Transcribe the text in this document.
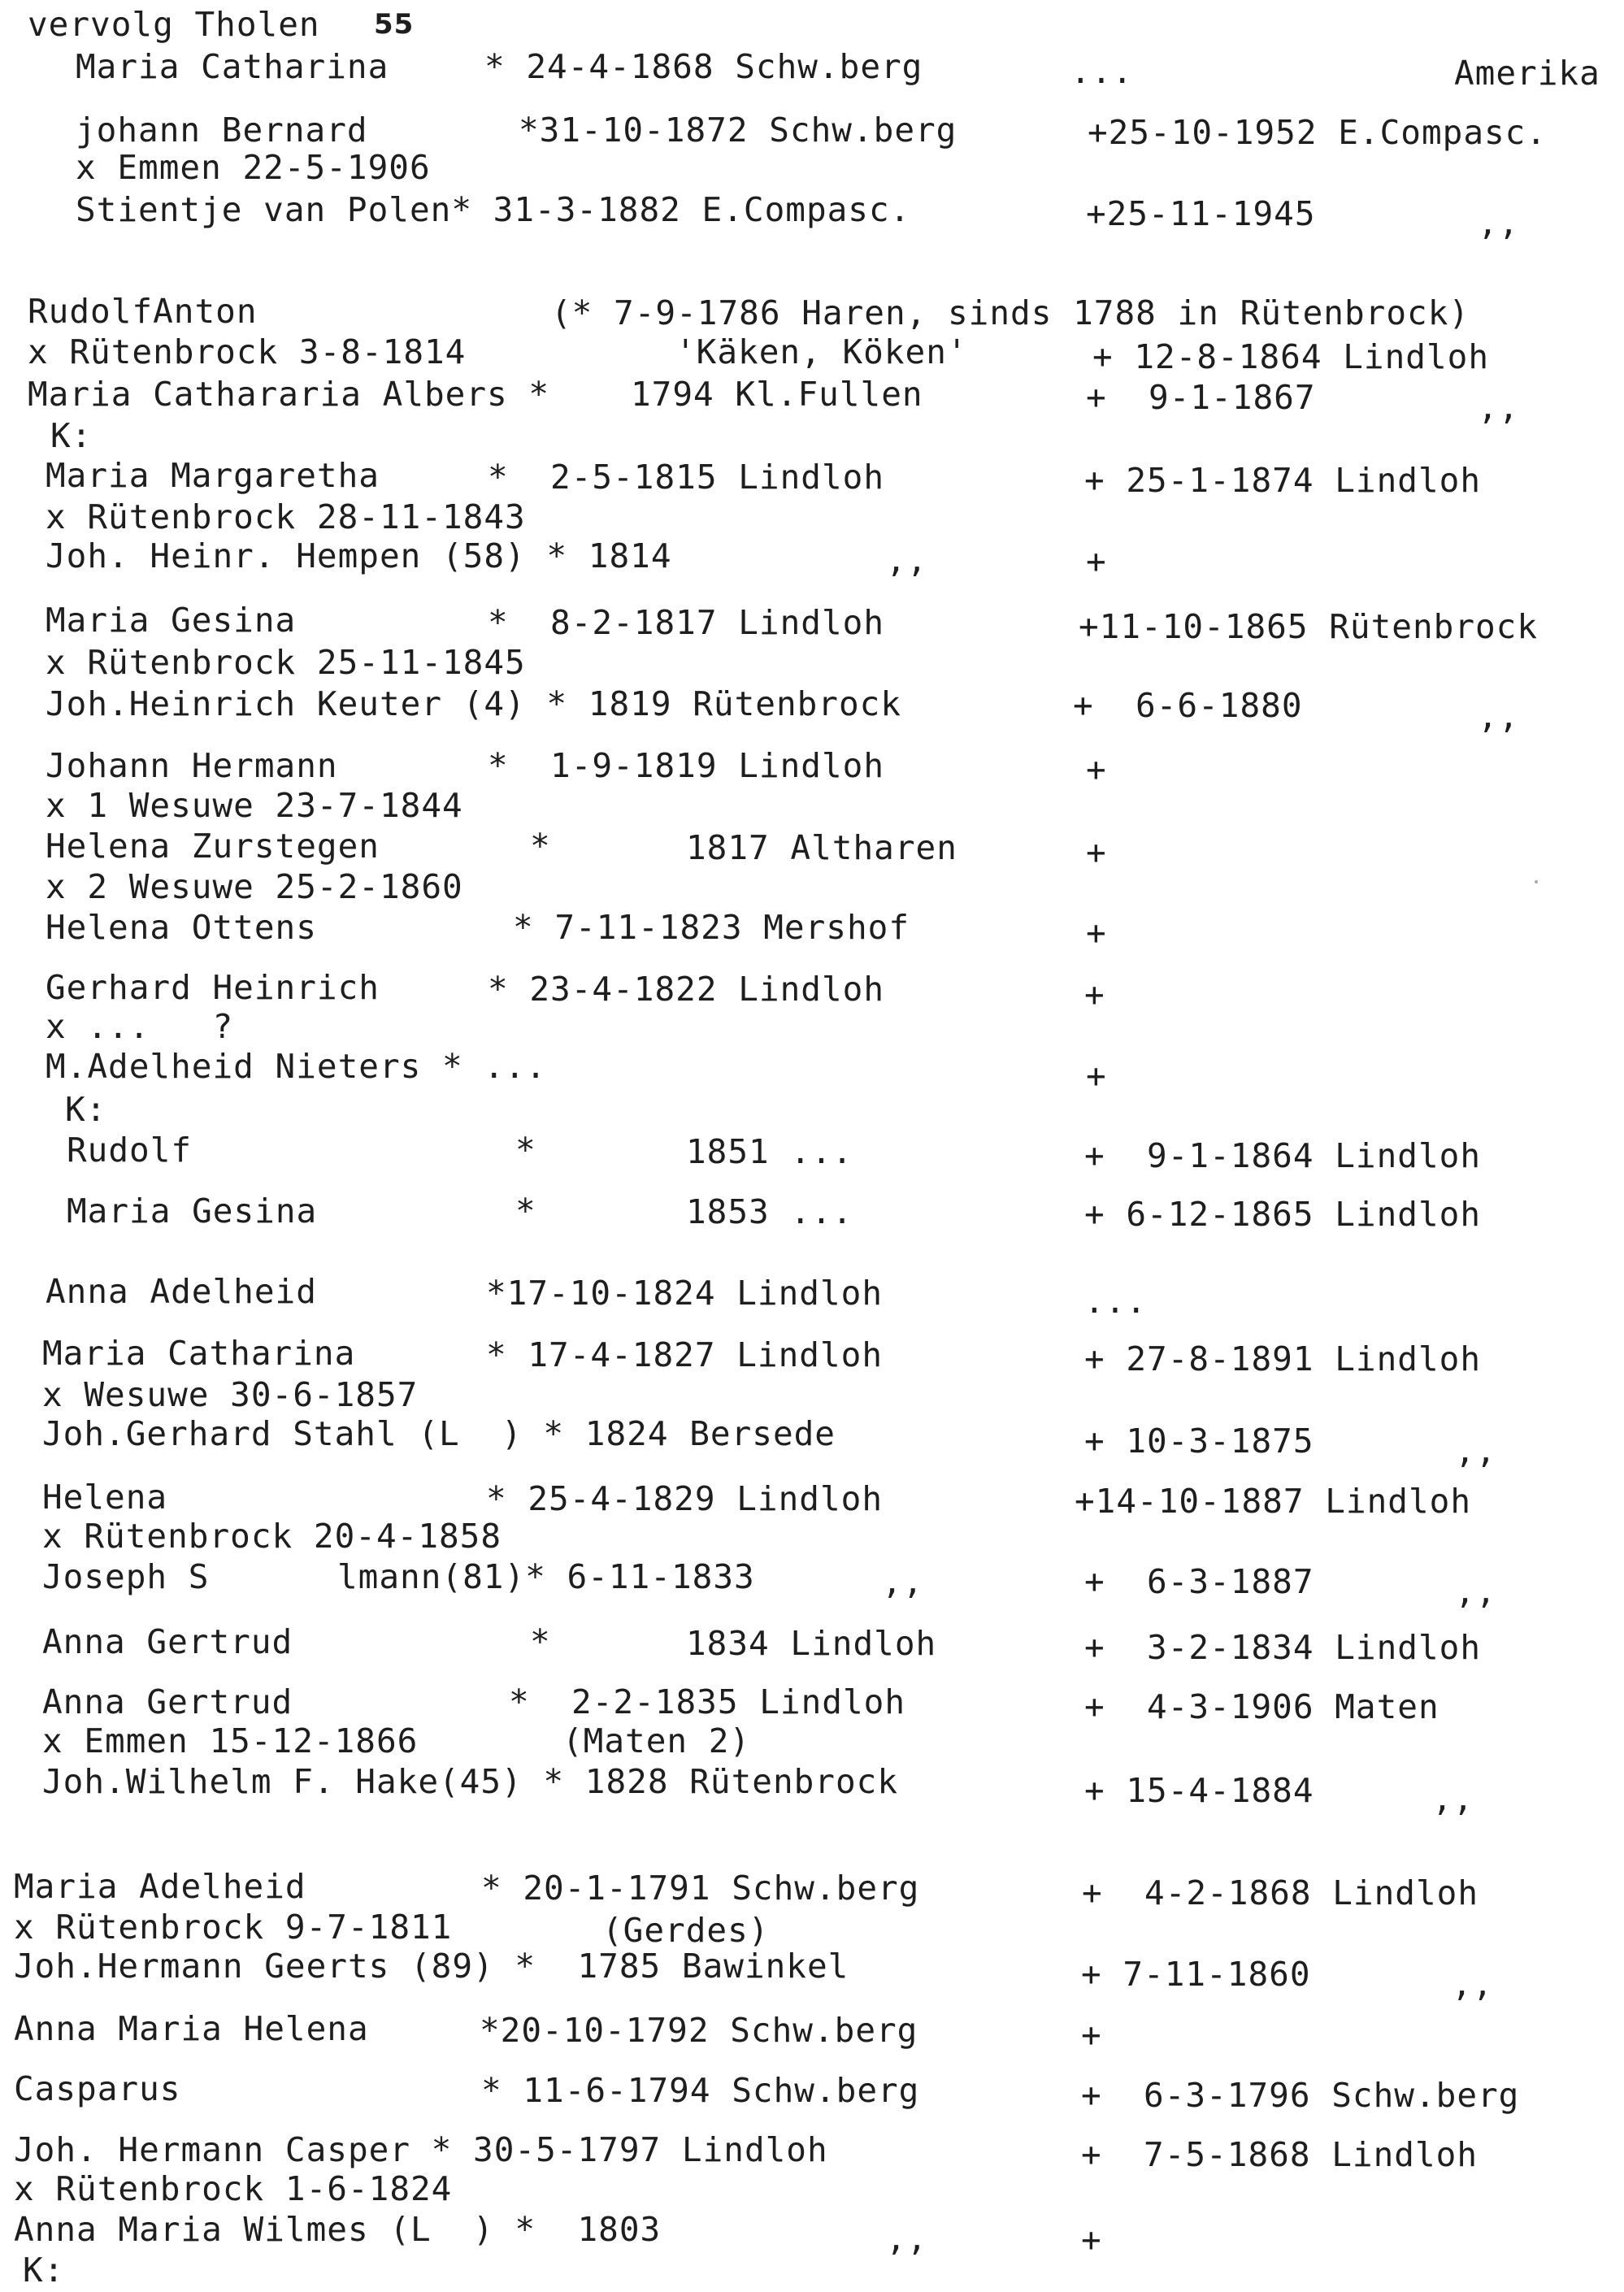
vervolg Tholen 55
Maria Catharina	* 24-4-1868 Schw.berg	...	Amerika
johann Bernard	*31-10-1872 Schw.berg	+25-10-1952 E.Compasc.
x Emmen 22-5-1906
Stientje van Polen* 31-3-1882 E.Compasc.	+25-11-1945	,,
RudolfAnton	(* 7-9-1786 Haren, sinds 1788 in Rütenbrock)
x Rütenbrock 3-8-1814	'Käken, Köken'	+ 12-8-1864 Lindloh
Maria Cathararia Albers * 1794 Kl.Fullen	+  9-1-1867	,,
K:
Maria Margaretha	*  2-5-1815 Lindloh	+ 25-1-1874 Lindloh
x Rütenbrock 28-11-1843
Joh. Heinr. Hempen (58) * 1814	,,	+
Maria Gesina	*  8-2-1817 Lindloh	+11-10-1865 Rütenbrock
x Rütenbrock 25-11-1845
Joh.Heinrich Keuter (4) * 1819 Rütenbrock	+  6-6-1880	,,
Johann Hermann	*  1-9-1819 Lindloh	+
x 1 Wesuwe 23-7-1844
Helena Zurstegen	*	1817 Altharen	+
x 2 Wesuwe 25-2-1860
Helena Ottens	* 7-11-1823 Mershof	+
Gerhard Heinrich	* 23-4-1822 Lindloh	+
x ...   ?
M.Adelheid Nieters * ...	+
K:
Rudolf	*	1851 ...	+  9-1-1864 Lindloh
Maria Gesina	*	1853 ...	+ 6-12-1865 Lindloh
Anna Adelheid	*17-10-1824 Lindloh	...
Maria Catharina	* 17-4-1827 Lindloh	+ 27-8-1891 Lindloh
x Wesuwe 30-6-1857
Joh.Gerhard Stahl (L  ) * 1824 Bersede	+ 10-3-1875	,,
Helena	* 25-4-1829 Lindloh	+14-10-1887 Lindloh
x Rütenbrock 20-4-1858
Joseph S	lmann(81)* 6-11-1833	,,	+  6-3-1887	,,
Anna Gertrud	*	1834 Lindloh	+  3-2-1834 Lindloh
Anna Gertrud	*  2-2-1835 Lindloh	+  4-3-1906 Maten
x Emmen 15-12-1866	(Maten 2)
Joh.Wilhelm F. Hake(45) * 1828 Rütenbrock	+ 15-4-1884	,,
Maria Adelheid	* 20-1-1791 Schw.berg	+  4-2-1868 Lindloh
x Rütenbrock 9-7-1811	(Gerdes)
Joh.Hermann Geerts (89) *  1785 Bawinkel	+ 7-11-1860	,,
Anna Maria Helena	*20-10-1792 Schw.berg	+
Casparus	* 11-6-1794 Schw.berg	+  6-3-1796 Schw.berg
Joh. Hermann Casper * 30-5-1797 Lindloh	+  7-5-1868 Lindloh
x Rütenbrock 1-6-1824
Anna Maria Wilmes (L  ) *  1803	,,	+
K:
